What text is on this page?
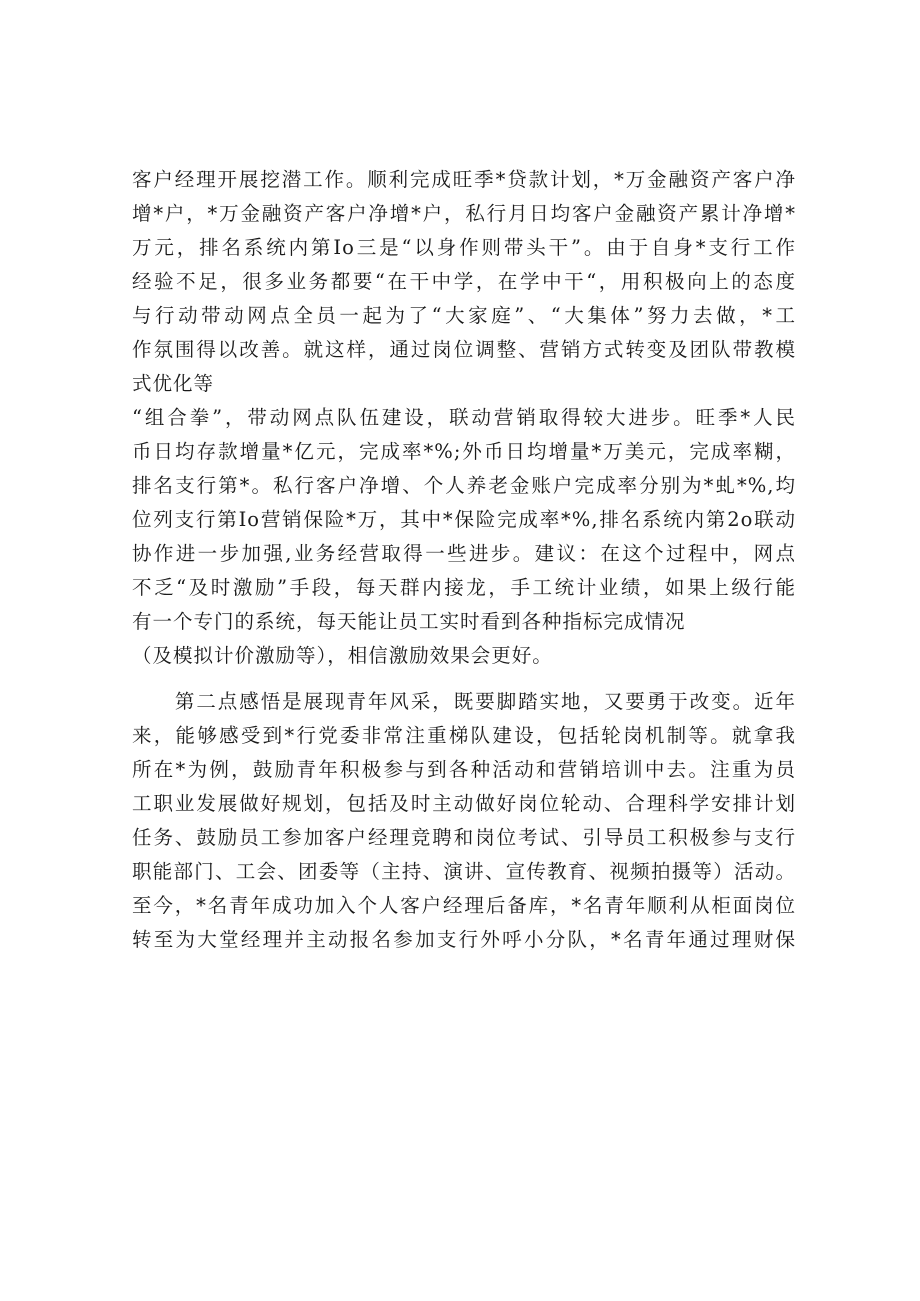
客户经理开展挖潜工作。顺利完成旺季*贷款计划，*万金融资产客户净
增*户，*万金融资产客户净增*户，私行月日均客户金融资产累计净增*
万元，排名系统内第Io三是“以身作则带头干”。由于自身*支行工作
经验不足，很多业务都要“在干中学，在学中干“，用积极向上的态度
与行动带动网点全员一起为了“大家庭”、“大集体”努力去做，*工
作氛围得以改善。就这样，通过岗位调整、营销方式转变及团队带教模
式优化等
“组合拳”，带动网点队伍建设，联动营销取得较大进步。旺季*人民
币日均存款增量*亿元，完成率*%;外币日均增量*万美元，完成率糊，
排名支行第*。私行客户净增、个人养老金账户完成率分别为*虬*%,均
位列支行第Io营销保险*万，其中*保险完成率*%,排名系统内第2o联动
协作进一步加强,业务经营取得一些进步。建议：在这个过程中，网点
不乏“及时激励”手段，每天群内接龙，手工统计业绩，如果上级行能
有一个专门的系统，每天能让员工实时看到各种指标完成情况
（及模拟计价激励等），相信激励效果会更好。
　　第二点感悟是展现青年风采，既要脚踏实地，又要勇于改变。近年
来，能够感受到*行党委非常注重梯队建设，包括轮岗机制等。就拿我
所在*为例，鼓励青年积极参与到各种活动和营销培训中去。注重为员
工职业发展做好规划，包括及时主动做好岗位轮动、合理科学安排计划
任务、鼓励员工参加客户经理竞聘和岗位考试、引导员工积极参与支行
职能部门、工会、团委等（主持、演讲、宣传教育、视频拍摄等）活动。
至今，*名青年成功加入个人客户经理后备库，*名青年顺利从柜面岗位
转至为大堂经理并主动报名参加支行外呼小分队，*名青年通过理财保
